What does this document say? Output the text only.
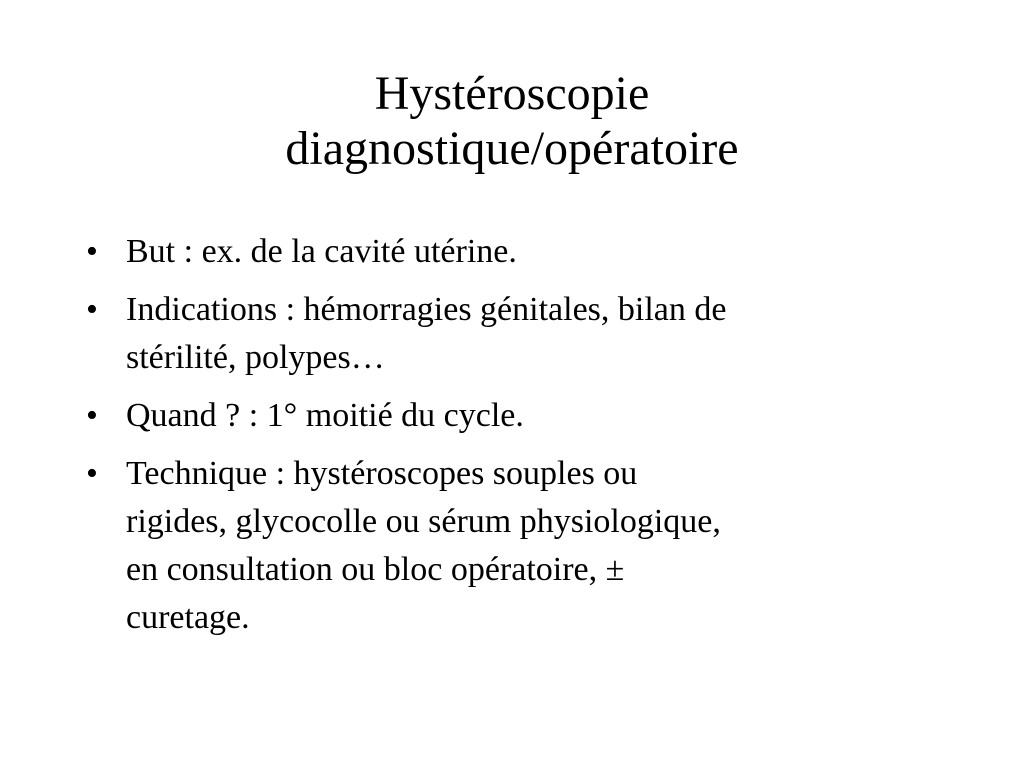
Hystéroscopie
diagnostique/opératoire
• But : ex. de la cavité utérine.
• Indications : hémorragies génitales, bilan de
stérilité, polypes…
• Quand ? : 1° moitié du cycle.
• Technique : hystéroscopes souples ou
rigides, glycocolle ou sérum physiologique,
en consultation ou bloc opératoire, ±
curetage.
